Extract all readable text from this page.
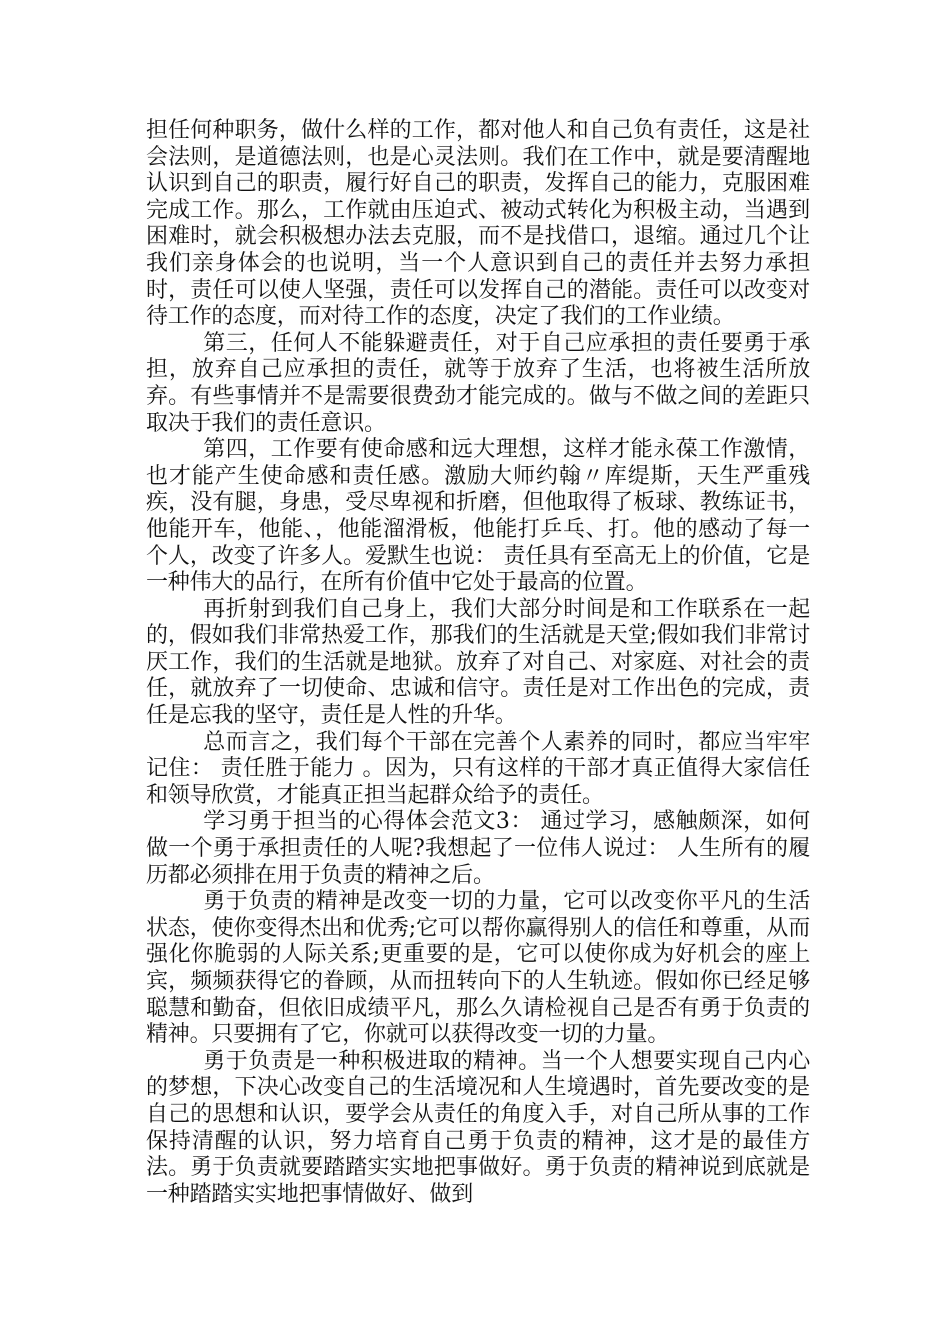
担任何种职务，做什么样的工作，都对他人和自己负有责任，这是社会法则，是道德法则，也是心灵法则。我们在工作中，就是要清醒地认识到自己的职责，履行好自己的职责，发挥自己的能力，克服困难完成工作。那么，工作就由压迫式、被动式转化为积极主动，当遇到困难时，就会积极想办法去克服，而不是找借口，退缩。通过几个让我们亲身体会的也说明，当一个人意识到自己的责任并去努力承担时，责任可以使人坚强，责任可以发挥自己的潜能。责任可以改变对待工作的态度，而对待工作的态度，决定了我们的工作业绩。

第三，任何人不能躲避责任，对于自己应承担的责任要勇于承担，放弃自己应承担的责任，就等于放弃了生活，也将被生活所放弃。有些事情并不是需要很费劲才能完成的。做与不做之间的差距只取决于我们的责任意识。

第四，工作要有使命感和远大理想，这样才能永葆工作激情，也才能产生使命感和责任感。激励大师约翰〃库缇斯，天生严重残疾，没有腿，身患，受尽卑视和折磨，但他取得了板球、教练证书，他能开车，他能、，他能溜滑板，他能打乒乓、打。他的感动了每一个人，改变了许多人。爱默生也说： 责任具有至高无上的价值，它是一种伟大的品行，在所有价值中它处于最高的位置。

再折射到我们自己身上，我们大部分时间是和工作联系在一起的，假如我们非常热爱工作，那我们的生活就是天堂;假如我们非常讨厌工作，我们的生活就是地狱。放弃了对自己、对家庭、对社会的责任，就放弃了一切使命、忠诚和信守。责任是对工作出色的完成，责任是忘我的坚守，责任是人性的升华。

总而言之，我们每个干部在完善个人素养的同时，都应当牢牢记住： 责任胜于能力 。因为，只有这样的干部才真正值得大家信任和领导欣赏，才能真正担当起群众给予的责任。

学习勇于担当的心得体会范文3： 通过学习，感触颇深，如何做一个勇于承担责任的人呢?我想起了一位伟人说过： 人生所有的履历都必须排在用于负责的精神之后。

勇于负责的精神是改变一切的力量，它可以改变你平凡的生活状态，使你变得杰出和优秀;它可以帮你赢得别人的信任和尊重，从而强化你脆弱的人际关系;更重要的是，它可以使你成为好机会的座上宾，频频获得它的眷顾，从而扭转向下的人生轨迹。假如你已经足够聪慧和勤奋，但依旧成绩平凡，那么久请检视自己是否有勇于负责的精神。只要拥有了它，你就可以获得改变一切的力量。

勇于负责是一种积极进取的精神。当一个人想要实现自己内心的梦想，下决心改变自己的生活境况和人生境遇时，首先要改变的是自己的思想和认识，要学会从责任的角度入手，对自己所从事的工作保持清醒的认识，努力培育自己勇于负责的精神，这才是的最佳方法。勇于负责就要踏踏实实地把事做好。勇于负责的精神说到底就是一种踏踏实实地把事情做好、做到
